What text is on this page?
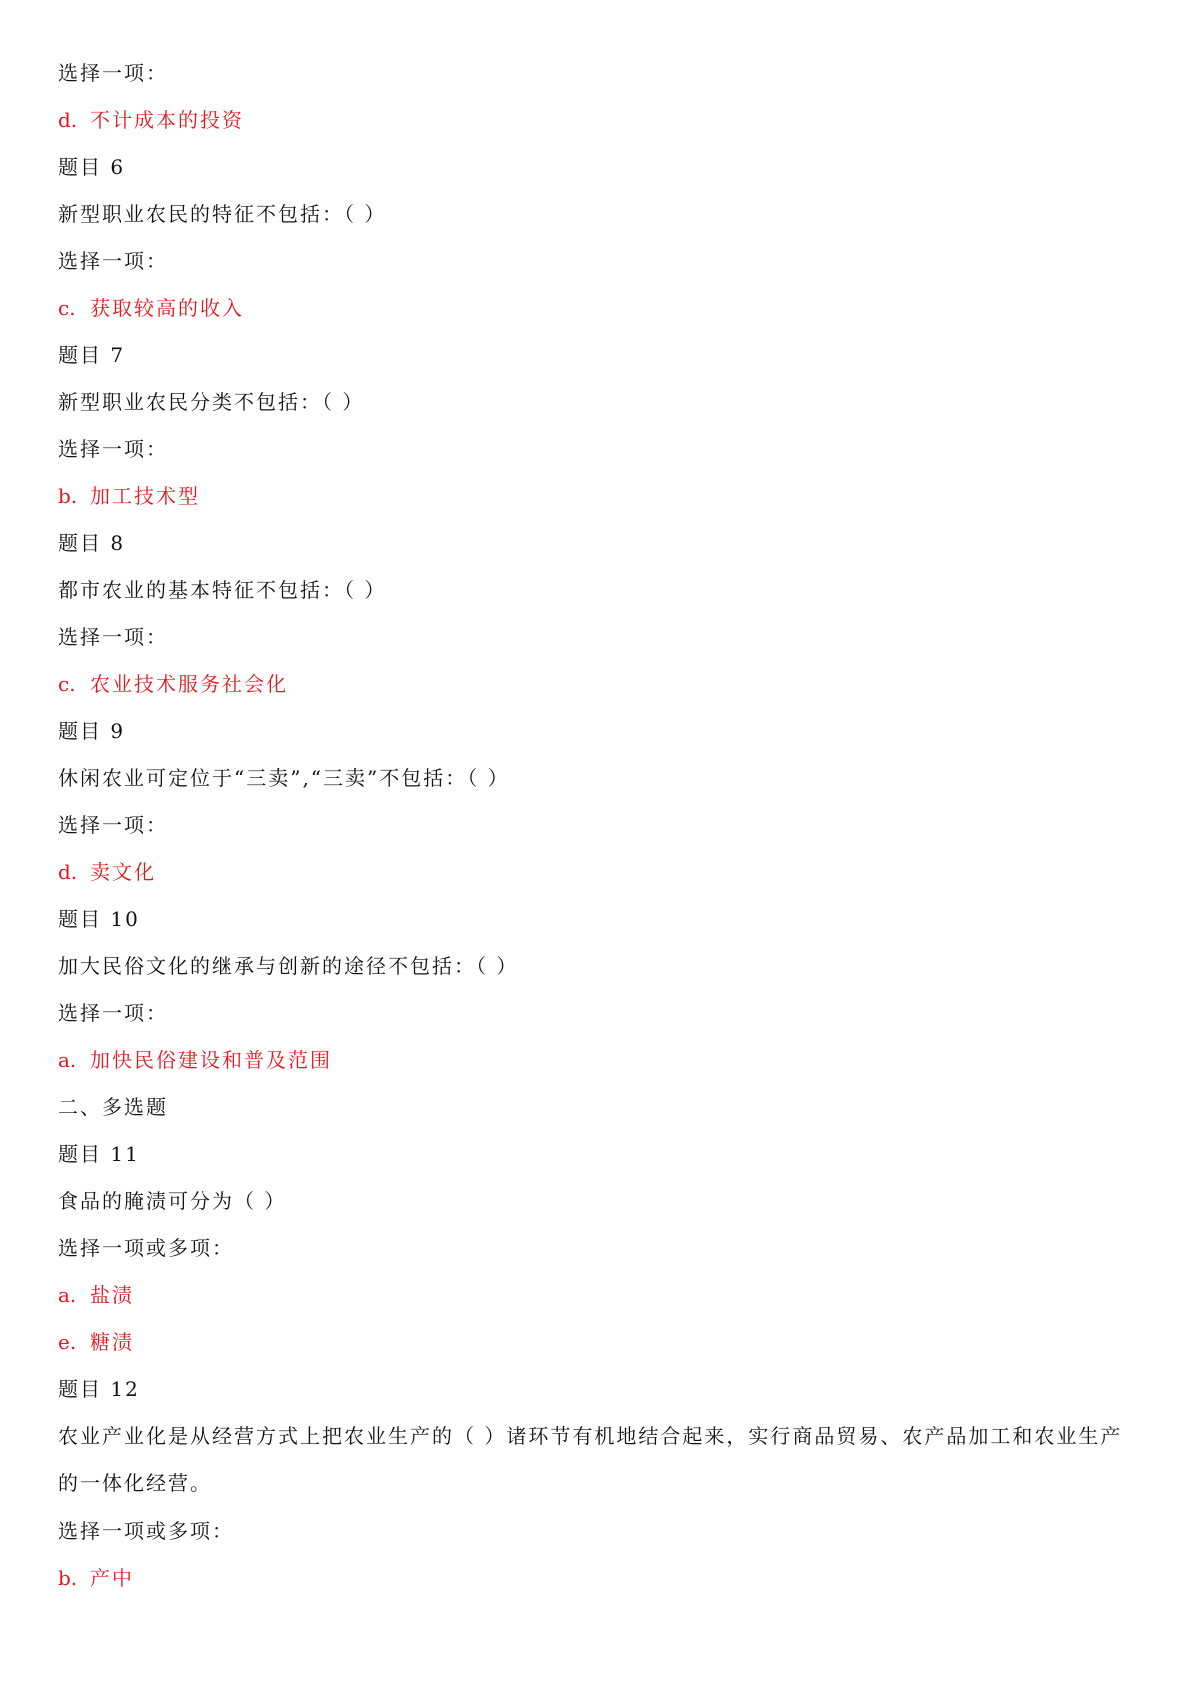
选择一项：
d. 不计成本的投资
题目 6
新型职业农民的特征不包括：（ ）
选择一项：
c. 获取较高的收入
题目 7
新型职业农民分类不包括：（ ）
选择一项：
b. 加工技术型
题目 8
都市农业的基本特征不包括：（ ）
选择一项：
c. 农业技术服务社会化
题目 9
休闲农业可定位于“三卖”,“三卖”不包括：（ ）
选择一项：
d. 卖文化
题目 10
加大民俗文化的继承与创新的途径不包括：（ ）
选择一项：
a. 加快民俗建设和普及范围
二、多选题
题目 11
食品的腌渍可分为（ ）
选择一项或多项：
a. 盐渍
e. 糖渍
题目 12
农业产业化是从经营方式上把农业生产的（ ）诸环节有机地结合起来，实行商品贸易、农产品加工和农业生产的一体化经营。
选择一项或多项：
b. 产中
